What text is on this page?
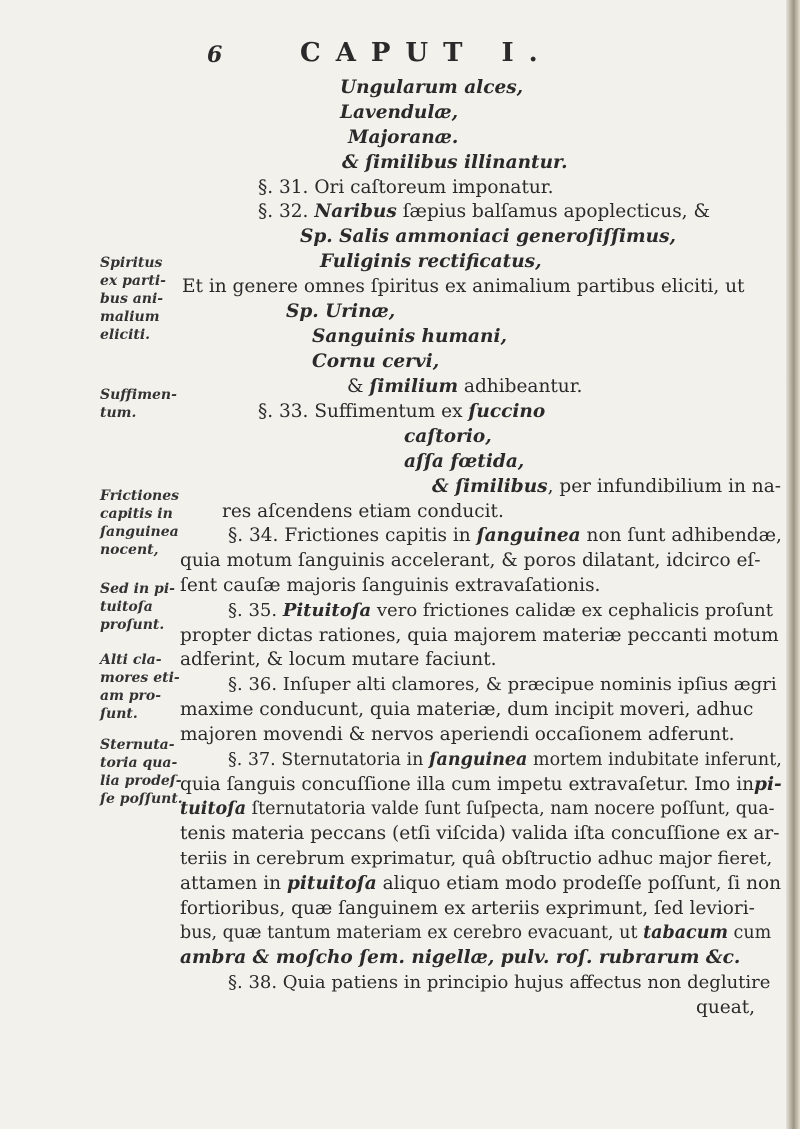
6	CAPUT I.
Spiritus
ex parti-
bus ani-
malium
eliciti.
Suffimen-
tum.
Frictiones
capitis in
ſanguinea
nocent,
Sed in pi-
tuitoſa
proſunt.
Alti cla-
mores eti-
am pro-
ſunt.
Sternuta-
toria qua-
lia prodeſ-
ſe poſſunt.
Ungularum alces,
Lavendulæ,
Majoranæ.
& ſimilibus illinantur.
§. 31. Ori caſtoreum imponatur.
§. 32. Naribus ſæpius balſamus apoplecticus, &
Sp. Salis ammoniaci generoſiſſimus,
Fuliginis rectificatus,
Et in genere omnes ſpiritus ex animalium partibus eliciti, ut
Sp. Urinæ,
Sanguinis humani,
Cornu cervi,
& ſimilium adhibeantur.
§. 33. Suffimentum ex ſuccino
caſtorio,
aſſa fœtida,
& ſimilibus, per infundibilium in na-
res aſcendens etiam conducit.
§. 34. Frictiones capitis in ſanguinea non ſunt adhibendæ,
quia motum ſanguinis accelerant, & poros dilatant, idcirco eſ-
ſent cauſæ majoris ſanguinis extravaſationis.
§. 35. Pituitoſa vero frictiones calidæ ex cephalicis proſunt
propter dictas rationes, quia majorem materiæ peccanti motum
adferint, & locum mutare faciunt.
§. 36. Inſuper alti clamores, & præcipue nominis ipſius ægri
maxime conducunt, quia materiæ, dum incipit moveri, adhuc
majoren movendi & nervos aperiendi occaſionem adferunt.
§. 37. Sternutatoria in ſanguinea mortem indubitate inferunt,
quia ſanguis concuſſione illa cum impetu extravaſetur. Imo inpi-
tuitoſa ſternutatoria valde ſunt ſuſpecta, nam nocere poſſunt, qua-
tenis materia peccans (etſi viſcida) valida iſta concuſſione ex ar-
teriis in cerebrum exprimatur, quâ obſtructio adhuc major fieret,
attamen in pituitoſa aliquo etiam modo prodeſſe poſſunt, ſi non
fortioribus, quæ ſanguinem ex arteriis exprimunt, ſed leviori-
bus, quæ tantum materiam ex cerebro evacuant, ut tabacum cum
ambra & moſcho ſem. nigellæ, pulv. roſ. rubrarum &c.
§. 38. Quia patiens in principio hujus affectus non deglutire
queat,
